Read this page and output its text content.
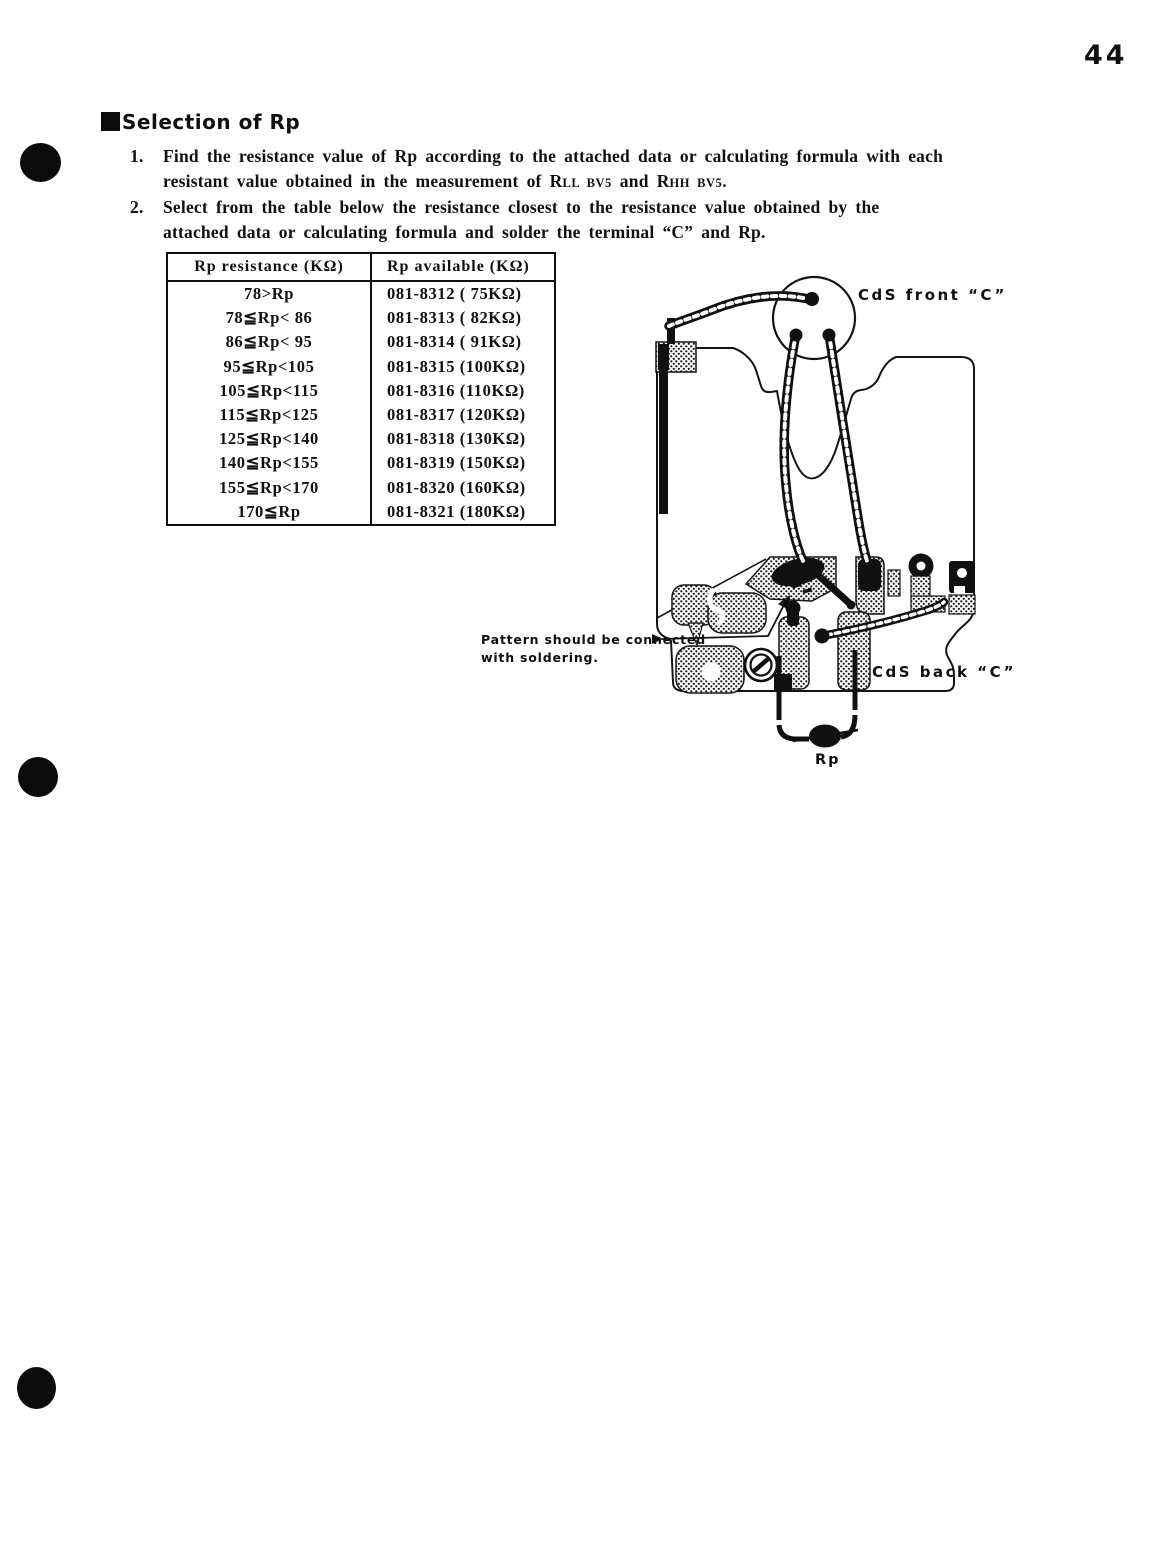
44
Selection of Rp
1.	Find the resistance value of Rp according to the attached data or calculating formula with each
resistant value obtained in the measurement of RLL BV5 and RHH BV5.
2.	Select from the table below the resistance closest to the resistance value obtained by the
attached data or calculating formula and solder the terminal “C” and Rp.
Rp resistance (KΩ)	Rp available (KΩ)
78>Rp	081-8312 ( 75KΩ)
78≦Rp< 86	081-8313 ( 82KΩ)
86≦Rp< 95	081-8314 ( 91KΩ)
95≦Rp<105	081-8315 (100KΩ)
105≦Rp<115	081-8316 (110KΩ)
115≦Rp<125	081-8317 (120KΩ)
125≦Rp<140	081-8318 (130KΩ)
140≦Rp<155	081-8319 (150KΩ)
155≦Rp<170	081-8320 (160KΩ)
170≦Rp	081-8321 (180KΩ)
CdS front “C”
CdS back “C”
Pattern should be connected
with soldering.
Rp
